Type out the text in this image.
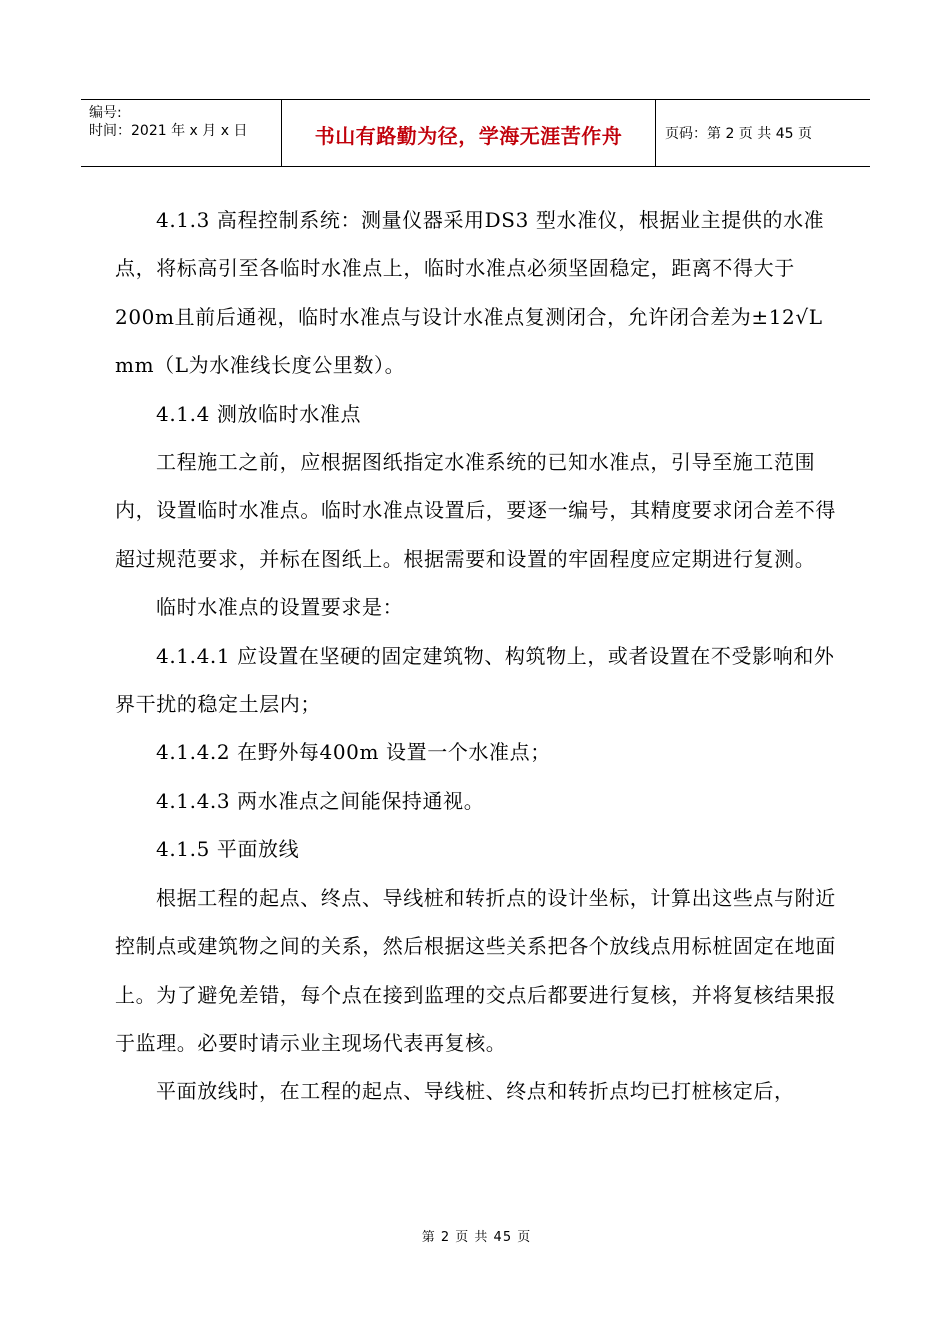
编号:
时间：2021 年 x 月 x 日	书山有路勤为径，学海无涯苦作舟	页码：第 2 页 共 45 页

4.1.3 高程控制系统：测量仪器采用DS3 型水准仪，根据业主提供的水准点，将标高引至各临时水准点上，临时水准点必须坚固稳定，距离不得大于200m且前后通视，临时水准点与设计水准点复测闭合，允许闭合差为±12√L mm（L为水准线长度公里数）。

4.1.4 测放临时水准点

工程施工之前，应根据图纸指定水准系统的已知水准点，引导至施工范围内，设置临时水准点。临时水准点设置后，要逐一编号，其精度要求闭合差不得超过规范要求，并标在图纸上。根据需要和设置的牢固程度应定期进行复测。

临时水准点的设置要求是：

4.1.4.1 应设置在坚硬的固定建筑物、构筑物上，或者设置在不受影响和外界干扰的稳定土层内；

4.1.4.2 在野外每400m 设置一个水准点；

4.1.4.3 两水准点之间能保持通视。

4.1.5 平面放线

根据工程的起点、终点、导线桩和转折点的设计坐标，计算出这些点与附近控制点或建筑物之间的关系，然后根据这些关系把各个放线点用标桩固定在地面上。为了避免差错，每个点在接到监理的交点后都要进行复核，并将复核结果报于监理。必要时请示业主现场代表再复核。

平面放线时，在工程的起点、导线桩、终点和转折点均已打桩核定后，

第 2 页 共 45 页
